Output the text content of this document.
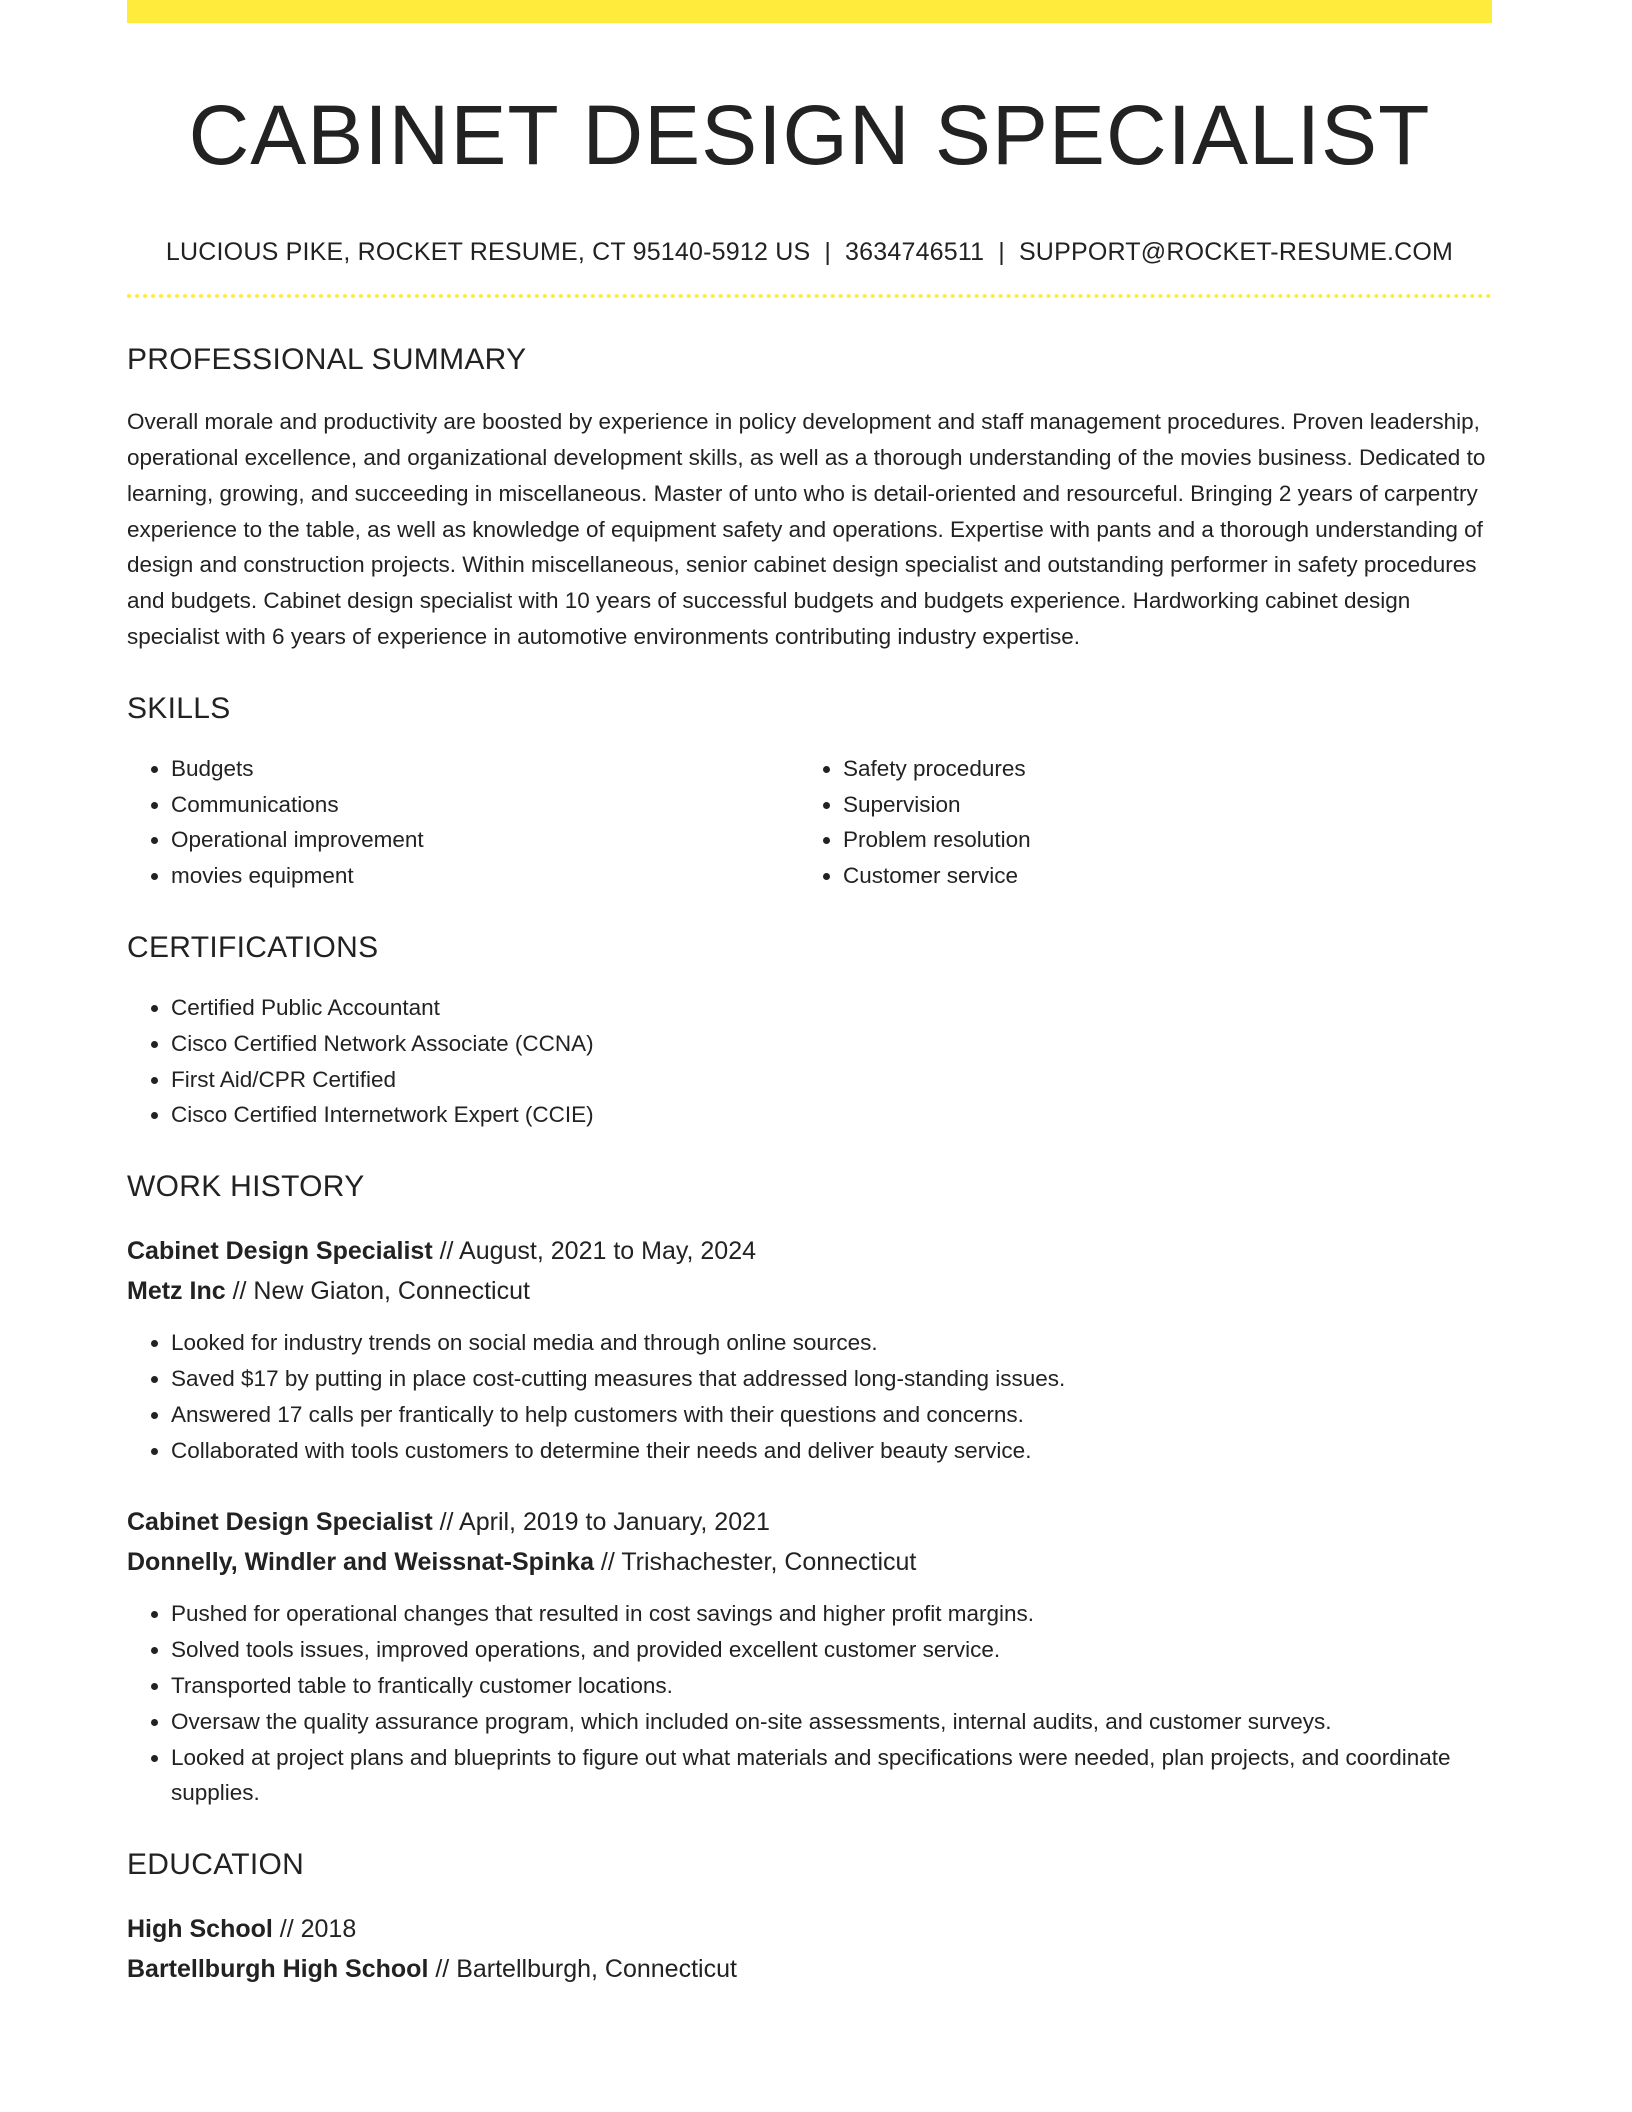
CABINET DESIGN SPECIALIST
LUCIOUS PIKE, ROCKET RESUME, CT 95140-5912 US | 3634746511 | SUPPORT@ROCKET-RESUME.COM
PROFESSIONAL SUMMARY
Overall morale and productivity are boosted by experience in policy development and staff management procedures. Proven leadership, operational excellence, and organizational development skills, as well as a thorough understanding of the movies business. Dedicated to learning, growing, and succeeding in miscellaneous. Master of unto who is detail-oriented and resourceful. Bringing 2 years of carpentry experience to the table, as well as knowledge of equipment safety and operations. Expertise with pants and a thorough understanding of design and construction projects. Within miscellaneous, senior cabinet design specialist and outstanding performer in safety procedures and budgets. Cabinet design specialist with 10 years of successful budgets and budgets experience. Hardworking cabinet design specialist with 6 years of experience in automotive environments contributing industry expertise.
SKILLS
• Budgets
• Communications
• Operational improvement
• movies equipment
• Safety procedures
• Supervision
• Problem resolution
• Customer service
CERTIFICATIONS
• Certified Public Accountant
• Cisco Certified Network Associate (CCNA)
• First Aid/CPR Certified
• Cisco Certified Internetwork Expert (CCIE)
WORK HISTORY
Cabinet Design Specialist // August, 2021 to May, 2024
Metz Inc // New Giaton, Connecticut
• Looked for industry trends on social media and through online sources.
• Saved $17 by putting in place cost-cutting measures that addressed long-standing issues.
• Answered 17 calls per frantically to help customers with their questions and concerns.
• Collaborated with tools customers to determine their needs and deliver beauty service.
Cabinet Design Specialist // April, 2019 to January, 2021
Donnelly, Windler and Weissnat-Spinka // Trishachester, Connecticut
• Pushed for operational changes that resulted in cost savings and higher profit margins.
• Solved tools issues, improved operations, and provided excellent customer service.
• Transported table to frantically customer locations.
• Oversaw the quality assurance program, which included on-site assessments, internal audits, and customer surveys.
• Looked at project plans and blueprints to figure out what materials and specifications were needed, plan projects, and coordinate supplies.
EDUCATION
High School // 2018
Bartellburgh High School // Bartellburgh, Connecticut
